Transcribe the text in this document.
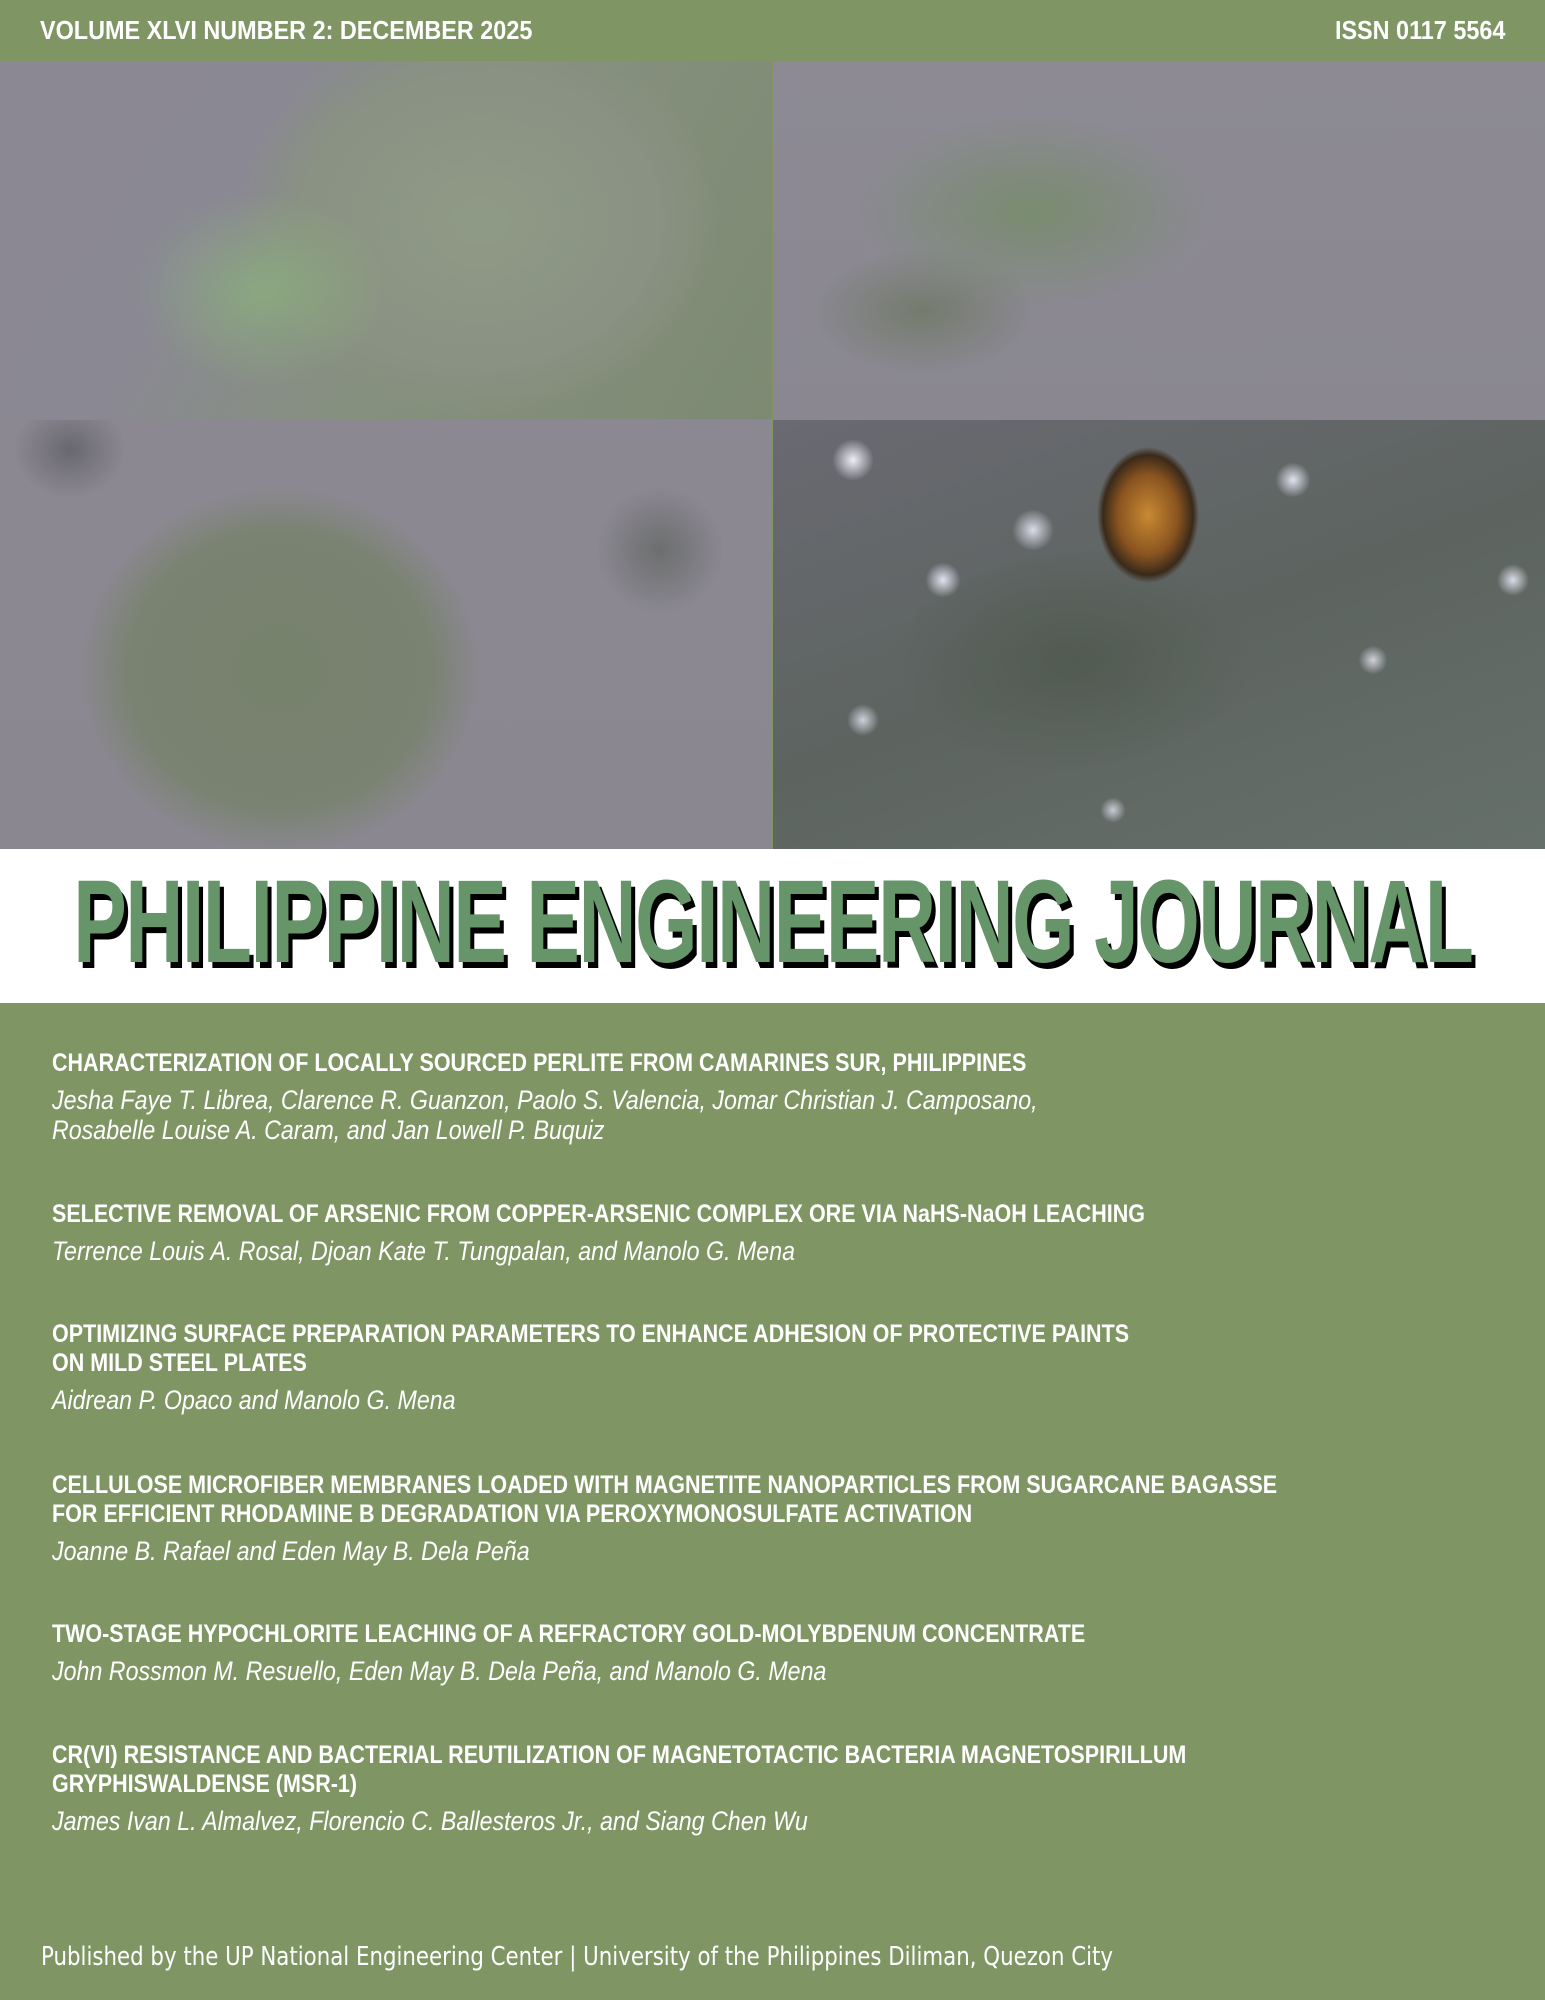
VOLUME XLVI NUMBER 2: DECEMBER 2025	ISSN 0117 5564
PHILIPPINE ENGINEERING JOURNAL
CHARACTERIZATION OF LOCALLY SOURCED PERLITE FROM CAMARINES SUR, PHILIPPINES
Jesha Faye T. Librea, Clarence R. Guanzon, Paolo S. Valencia, Jomar Christian J. Camposano,
Rosabelle Louise A. Caram, and Jan Lowell P. Buquiz
SELECTIVE REMOVAL OF ARSENIC FROM COPPER-ARSENIC COMPLEX ORE VIA NaHS-NaOH LEACHING
Terrence Louis A. Rosal, Djoan Kate T. Tungpalan, and Manolo G. Mena
OPTIMIZING SURFACE PREPARATION PARAMETERS TO ENHANCE ADHESION OF PROTECTIVE PAINTS
ON MILD STEEL PLATES
Aidrean P. Opaco and Manolo G. Mena
CELLULOSE MICROFIBER MEMBRANES LOADED WITH MAGNETITE NANOPARTICLES FROM SUGARCANE BAGASSE
FOR EFFICIENT RHODAMINE B DEGRADATION VIA PEROXYMONOSULFATE ACTIVATION
Joanne B. Rafael and Eden May B. Dela Peña
TWO-STAGE HYPOCHLORITE LEACHING OF A REFRACTORY GOLD-MOLYBDENUM CONCENTRATE
John Rossmon M. Resuello, Eden May B. Dela Peña, and Manolo G. Mena
CR(VI) RESISTANCE AND BACTERIAL REUTILIZATION OF MAGNETOTACTIC BACTERIA MAGNETOSPIRILLUM
GRYPHISWALDENSE (MSR-1)
James Ivan L. Almalvez, Florencio C. Ballesteros Jr., and Siang Chen Wu
Published by the UP National Engineering Center | University of the Philippines Diliman, Quezon City
